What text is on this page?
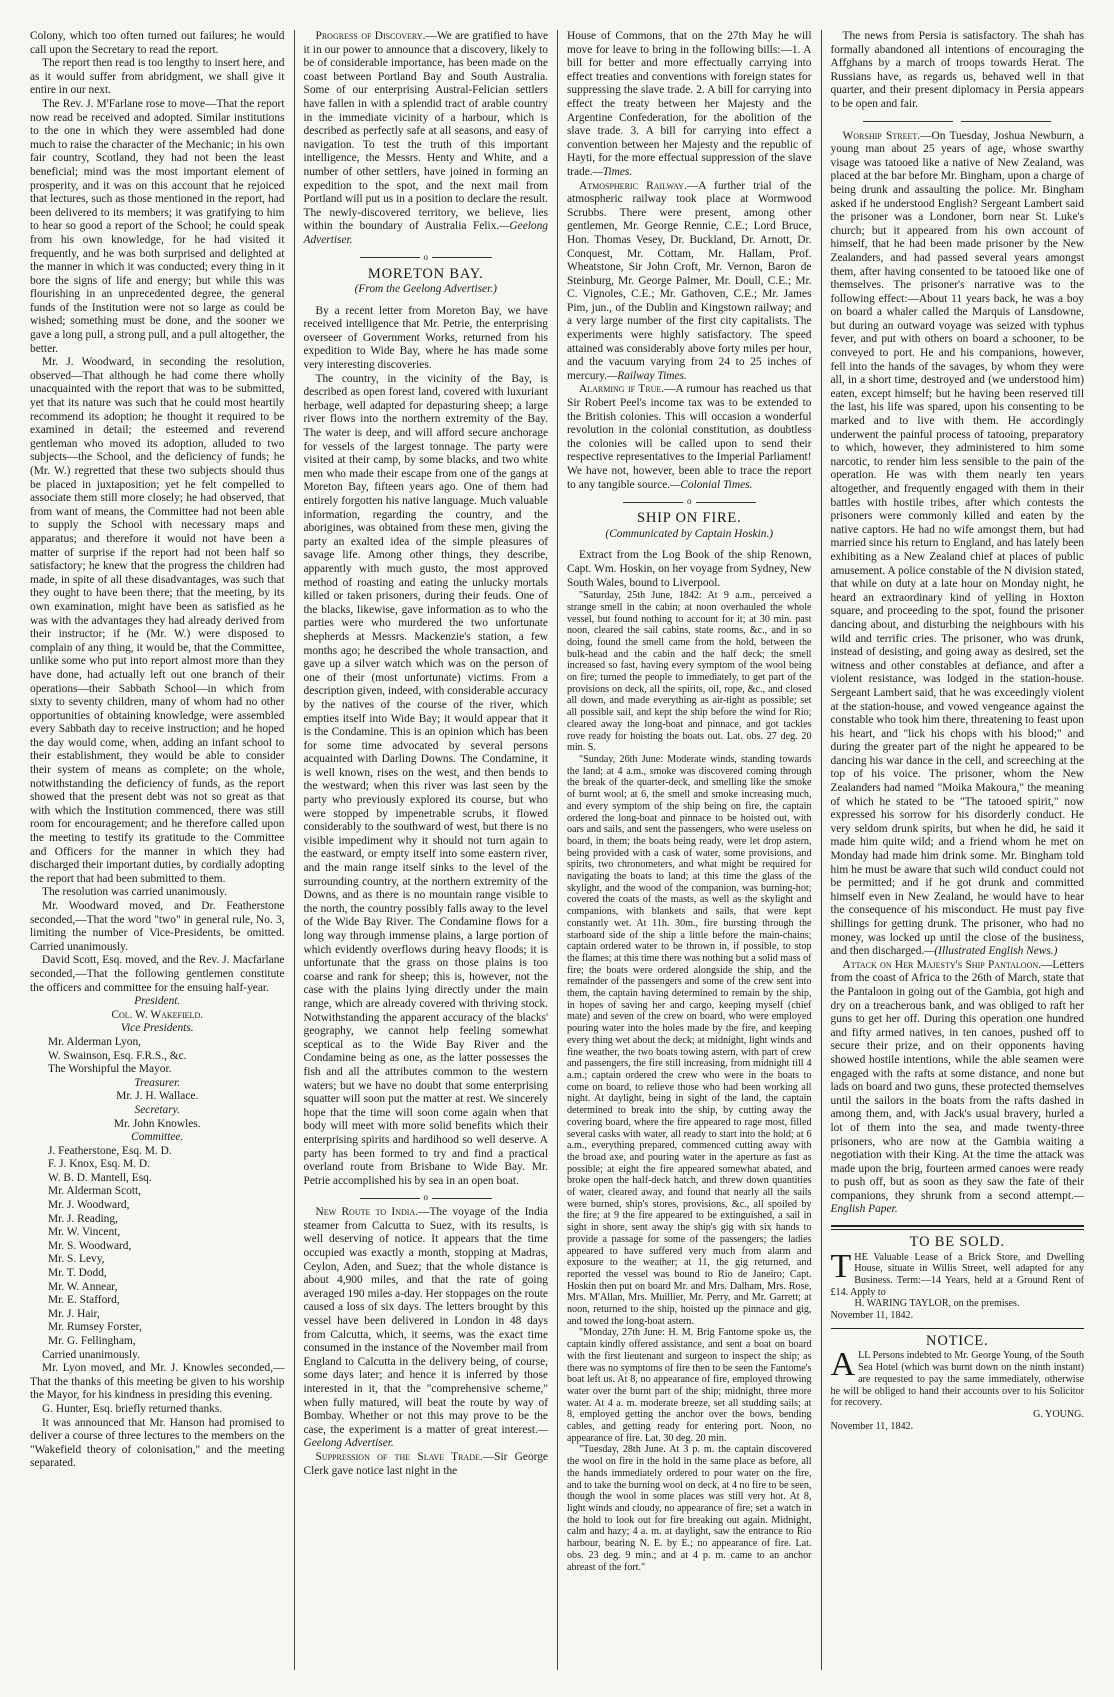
Colony, which too often turned out failures; he would call upon the Secretary to read the report.

The report then read is too lengthy to insert here, and as it would suffer from abridgment, we shall give it entire in our next.

The Rev. J. M'Farlane rose to move—That the report now read be received and adopted. Similar institutions to the one in which they were assembled had done much to raise the character of the Mechanic; in his own fair country, Scotland, they had not been the least beneficial; mind was the most important element of prosperity, and it was on this account that he rejoiced that lectures, such as those mentioned in the report, had been delivered to its members; it was gratifying to him to hear so good a report of the School; he could speak from his own knowledge, for he had visited it frequently, and he was both surprised and delighted at the manner in which it was conducted; every thing in it bore the signs of life and energy; but while this was flourishing in an unprecedented degree, the general funds of the Institution were not so large as could be wished; something must be done, and the sooner we gave a long pull, a strong pull, and a pull altogether, the better.

Mr. J. Woodward, in seconding the resolution, observed—That although he had come there wholly unacquainted with the report that was to be submitted, yet that its nature was such that he could most heartily recommend its adoption; he thought it required to be examined in detail; the esteemed and reverend gentleman who moved its adoption, alluded to two subjects—the School, and the deficiency of funds; he (Mr. W.) regretted that these two subjects should thus be placed in juxtaposition; yet he felt compelled to associate them still more closely; he had observed, that from want of means, the Committee had not been able to supply the School with necessary maps and apparatus; and therefore it would not have been a matter of surprise if the report had not been half so satisfactory; he knew that the progress the children had made, in spite of all these disadvantages, was such that they ought to have been there; that the meeting, by its own examination, might have been as satisfied as he was with the advantages they had already derived from their instructor; if he (Mr. W.) were disposed to complain of any thing, it would be, that the Committee, unlike some who put into report almost more than they have done, had actually left out one branch of their operations—their Sabbath School—in which from sixty to seventy children, many of whom had no other opportunities of obtaining knowledge, were assembled every Sabbath day to receive instruction; and he hoped the day would come, when, adding an infant school to their establishment, they would be able to consider their system of means as complete; on the whole, notwithstanding the deficiency of funds, as the report showed that the present debt was not so great as that with which the Institution commenced, there was still room for encouragement; and he therefore called upon the meeting to testify its gratitude to the Committee and Officers for the manner in which they had discharged their important duties, by cordially adopting the report that had been submitted to them.

The resolution was carried unanimously.

Mr. Woodward moved, and Dr. Featherstone seconded,—That the word "two" in general rule, No. 3, limiting the number of Vice-Presidents, be omitted. Carried unanimously.

David Scott, Esq. moved, and the Rev. J. Macfarlane seconded,—That the following gentlemen constitute the officers and committee for the ensuing half-year.

President.

Col. W. Wakefield.

Vice Presidents.

Mr. Alderman Lyon,

W. Swainson, Esq. F.R.S., &c.

The Worshipful the Mayor.

Treasurer.

Mr. J. H. Wallace.

Secretary.

Mr. John Knowles.

Committee.

J. Featherstone, Esq. M. D.

F. J. Knox, Esq. M. D.

W. B. D. Mantell, Esq.

Mr. Alderman Scott,

Mr. J. Woodward,

Mr. J. Reading,

Mr. W. Vincent,

Mr. S. Woodward,

Mr. S. Levy,

Mr. T. Dodd,

Mr. W. Annear,

Mr. E. Stafford,

Mr. J. Hair,

Mr. Rumsey Forster,

Mr. G. Fellingham,

Carried unanimously.

Mr. Lyon moved, and Mr. J. Knowles seconded,—That the thanks of this meeting be given to his worship the Mayor, for his kindness in presiding this evening.

G. Hunter, Esq. briefly returned thanks.

It was announced that Mr. Hanson had promised to deliver a course of three lectures to the members on the "Wakefield theory of colonisation," and the meeting separated.

Progress of Discovery.—We are gratified to have it in our power to announce that a discovery, likely to be of considerable importance, has been made on the coast between Portland Bay and South Australia. Some of our enterprising Austral-Felician settlers have fallen in with a splendid tract of arable country in the immediate vicinity of a harbour, which is described as perfectly safe at all seasons, and easy of navigation. To test the truth of this important intelligence, the Messrs. Henty and White, and a number of other settlers, have joined in forming an expedition to the spot, and the next mail from Portland will put us in a position to declare the result. The newly-discovered territory, we believe, lies within the boundary of Australia Felix.—Geelong Advertiser.

o
MORETON BAY.
(From the Geelong Advertiser.)

By a recent letter from Moreton Bay, we have received intelligence that Mr. Petrie, the enterprising overseer of Government Works, returned from his expedition to Wide Bay, where he has made some very interesting discoveries.

The country, in the vicinity of the Bay, is described as open forest land, covered with luxuriant herbage, well adapted for depasturing sheep; a large river flows into the northern extremity of the Bay. The water is deep, and will afford secure anchorage for vessels of the largest tonnage. The party were visited at their camp, by some blacks, and two white men who made their escape from one of the gangs at Moreton Bay, fifteen years ago. One of them had entirely forgotten his native language. Much valuable information, regarding the country, and the aborigines, was obtained from these men, giving the party an exalted idea of the simple pleasures of savage life. Among other things, they describe, apparently with much gusto, the most approved method of roasting and eating the unlucky mortals killed or taken prisoners, during their feuds. One of the blacks, likewise, gave information as to who the parties were who murdered the two unfortunate shepherds at Messrs. Mackenzie's station, a few months ago; he described the whole transaction, and gave up a silver watch which was on the person of one of their (most unfortunate) victims. From a description given, indeed, with considerable accuracy by the natives of the course of the river, which empties itself into Wide Bay; it would appear that it is the Condamine. This is an opinion which has been for some time advocated by several persons acquainted with Darling Downs. The Condamine, it is well known, rises on the west, and then bends to the westward; when this river was last seen by the party who previously explored its course, but who were stopped by impenetrable scrubs, it flowed considerably to the southward of west, but there is no visible impediment why it should not turn again to the eastward, or empty itself into some eastern river, and the main range itself sinks to the level of the surrounding country, at the northern extremity of the Downs, and as there is no mountain range visible to the north, the country possibly falls away to the level of the Wide Bay River. The Condamine flows for a long way through immense plains, a large portion of which evidently overflows during heavy floods; it is unfortunate that the grass on those plains is too coarse and rank for sheep; this is, however, not the case with the plains lying directly under the main range, which are already covered with thriving stock. Notwithstanding the apparent accuracy of the blacks' geography, we cannot help feeling somewhat sceptical as to the Wide Bay River and the Condamine being as one, as the latter possesses the fish and all the attributes common to the western waters; but we have no doubt that some enterprising squatter will soon put the matter at rest. We sincerely hope that the time will soon come again when that body will meet with more solid benefits which their enterprising spirits and hardihood so well deserve. A party has been formed to try and find a practical overland route from Brisbane to Wide Bay. Mr. Petrie accomplished his by sea in an open boat.

o

New Route to India.—The voyage of the India steamer from Calcutta to Suez, with its results, is well deserving of notice. It appears that the time occupied was exactly a month, stopping at Madras, Ceylon, Aden, and Suez; that the whole distance is about 4,900 miles, and that the rate of going averaged 190 miles a-day. Her stoppages on the route caused a loss of six days. The letters brought by this vessel have been delivered in London in 48 days from Calcutta, which, it seems, was the exact time consumed in the instance of the November mail from England to Calcutta in the delivery being, of course, some days later; and hence it is inferred by those interested in it, that the "comprehensive scheme," when fully matured, will beat the route by way of Bombay. Whether or not this may prove to be the case, the experiment is a matter of great interest.—Geelong Advertiser.

Suppression of the Slave Trade.—Sir George Clerk gave notice last night in the

House of Commons, that on the 27th May he will move for leave to bring in the following bills:—1. A bill for better and more effectually carrying into effect treaties and conventions with foreign states for suppressing the slave trade. 2. A bill for carrying into effect the treaty between her Majesty and the Argentine Confederation, for the abolition of the slave trade. 3. A bill for carrying into effect a convention between her Majesty and the republic of Hayti, for the more effectual suppression of the slave trade.—Times.

Atmospheric Railway.—A further trial of the atmospheric railway took place at Wormwood Scrubbs. There were present, among other gentlemen, Mr. George Rennie, C.E.; Lord Bruce, Hon. Thomas Vesey, Dr. Buckland, Dr. Arnott, Dr. Conquest, Mr. Cottam, Mr. Hallam, Prof. Wheatstone, Sir John Croft, Mr. Vernon, Baron de Steinburg, Mr. George Palmer, Mr. Doull, C.E.; Mr. C. Vignoles, C.E.; Mr. Gathoven, C.E.; Mr. James Pim, jun., of the Dublin and Kingstown railway; and a very large number of the first city capitalists. The experiments were highly satisfactory. The speed attained was considerably above forty miles per hour, and the vacuum varying from 24 to 25 inches of mercury.—Railway Times.

Alarming if True.—A rumour has reached us that Sir Robert Peel's income tax was to be extended to the British colonies. This will occasion a wonderful revolution in the colonial constitution, as doubtless the colonies will be called upon to send their respective representatives to the Imperial Parliament! We have not, however, been able to trace the report to any tangible source.—Colonial Times.

o
SHIP ON FIRE.
(Communicated by Captain Hoskin.)

Extract from the Log Book of the ship Renown, Capt. Wm. Hoskin, on her voyage from Sydney, New South Wales, bound to Liverpool.

"Saturday, 25th June, 1842: At 9 a.m., perceived a strange smell in the cabin; at noon overhauled the whole vessel, but found nothing to account for it; at 30 min. past noon, cleared the sail cabins, state rooms, &c., and in so doing, found the smell came from the hold, between the bulk-head and the cabin and the half deck; the smell increased so fast, having every symptom of the wool being on fire; turned the people to immediately, to get part of the provisions on deck, all the spirits, oil, rope, &c., and closed all down, and made everything as air-tight as possible; set all possible sail, and kept the ship before the wind for Rio; cleared away the long-boat and pinnace, and got tackles rove ready for hoisting the boats out. Lat. obs. 27 deg. 20 min. S.

"Sunday, 26th June: Moderate winds, standing towards the land; at 4 a.m., smoke was discovered coming through the break of the quarter-deck, and smelling like the smoke of burnt wool; at 6, the smell and smoke increasing much, and every symptom of the ship being on fire, the captain ordered the long-boat and pinnace to be hoisted out, with oars and sails, and sent the passengers, who were useless on board, in them; the boats being ready, were let drop astern, being provided with a cask of water, some provisions, and spirits, two chronometers, and what might be required for navigating the boats to land; at this time the glass of the skylight, and the wood of the companion, was burning-hot; covered the coats of the masts, as well as the skylight and companions, with blankets and sails, that were kept constantly wet. At 11h. 30m., fire bursting through the starboard side of the ship a little before the main-chains; captain ordered water to be thrown in, if possible, to stop the flames; at this time there was nothing but a solid mass of fire; the boats were ordered alongside the ship, and the remainder of the passengers and some of the crew sent into them, the captain having determined to remain by the ship, in hopes of saving her and cargo, keeping myself (chief mate) and seven of the crew on board, who were employed pouring water into the holes made by the fire, and keeping every thing wet about the deck; at midnight, light winds and fine weather, the two boats towing astern, with part of crew and passengers, the fire still increasing, from midnight till 4 a.m.; captain ordered the crew who were in the boats to come on board, to relieve those who had been working all night. At daylight, being in sight of the land, the captain determined to break into the ship, by cutting away the covering board, where the fire appeared to rage most, filled several casks with water, all ready to start into the hold; at 6 a.m., everything prepared, commenced cutting away with the broad axe, and pouring water in the aperture as fast as possible; at eight the fire appeared somewhat abated, and broke open the half-deck hatch, and threw down quantities of water, cleared away, and found that nearly all the sails were burned, ship's stores, provisions, &c., all spoiled by the fire; at 9 the fire appeared to be extinguished, a sail in sight in shore, sent away the ship's gig with six hands to provide a passage for some of the passengers; the ladies appeared to have suffered very much from alarm and exposure to the weather; at 11, the gig returned, and reported the vessel was bound to Rio de Janeiro; Capt. Hoskin then put on board Mr. and Mrs. Dalham, Mrs. Rose, Mrs. M'Allan, Mrs. Muillier, Mr. Perry, and Mr. Garrett; at noon, returned to the ship, hoisted up the pinnace and gig, and towed the long-boat astern.

"Monday, 27th June: H. M. Brig Fantome spoke us, the captain kindly offered assistance, and sent a boat on board with the first lieutenant and surgeon to inspect the ship; as there was no symptoms of fire then to be seen the Fantome's boat left us. At 8, no appearance of fire, employed throwing water over the burnt part of the ship; midnight, three more water. At 4 a. m. moderate breeze, set all studding sails; at 8, employed getting the anchor over the bows, bending cables, and getting ready for entering port. Noon, no appearance of fire. Lat. 30 deg. 20 min.

"Tuesday, 28th June. At 3 p. m. the captain discovered the wool on fire in the hold in the same place as before, all the hands immediately ordered to pour water on the fire, and to take the burning wool on deck, at 4 no fire to be seen, though the wool in some places was still very hot. At 8, light winds and cloudy, no appearance of fire; set a watch in the hold to look out for fire breaking out again. Midnight, calm and hazy; 4 a. m. at daylight, saw the entrance to Rio harbour, bearing N. E. by E.; no appearance of fire. Lat. obs. 23 deg. 9 min.; and at 4 p. m. came to an anchor abreast of the fort."

The news from Persia is satisfactory. The shah has formally abandoned all intentions of encouraging the Affghans by a march of troops towards Herat. The Russians have, as regards us, behaved well in that quarter, and their present diplomacy in Persia appears to be open and fair.

Worship Street.—On Tuesday, Joshua Newburn, a young man about 25 years of age, whose swarthy visage was tatooed like a native of New Zealand, was placed at the bar before Mr. Bingham, upon a charge of being drunk and assaulting the police. Mr. Bingham asked if he understood English? Sergeant Lambert said the prisoner was a Londoner, born near St. Luke's church; but it appeared from his own account of himself, that he had been made prisoner by the New Zealanders, and had passed several years amongst them, after having consented to be tatooed like one of themselves. The prisoner's narrative was to the following effect:—About 11 years back, he was a boy on board a whaler called the Marquis of Lansdowne, but during an outward voyage was seized with typhus fever, and put with others on board a schooner, to be conveyed to port. He and his companions, however, fell into the hands of the savages, by whom they were all, in a short time, destroyed and (we understood him) eaten, except himself; but he having been reserved till the last, his life was spared, upon his consenting to be marked and to live with them. He accordingly underwent the painful process of tatooing, preparatory to which, however, they administered to him some narcotic, to render him less sensible to the pain of the operation. He was with them nearly ten years altogether, and frequently engaged with them in their battles with hostile tribes, after which contests the prisoners were commonly killed and eaten by the native captors. He had no wife amongst them, but had married since his return to England, and has lately been exhibiting as a New Zealand chief at places of public amusement. A police constable of the N division stated, that while on duty at a late hour on Monday night, he heard an extraordinary kind of yelling in Hoxton square, and proceeding to the spot, found the prisoner dancing about, and disturbing the neighbours with his wild and terrific cries. The prisoner, who was drunk, instead of desisting, and going away as desired, set the witness and other constables at defiance, and after a violent resistance, was lodged in the station-house. Sergeant Lambert said, that he was exceedingly violent at the station-house, and vowed vengeance against the constable who took him there, threatening to feast upon his heart, and "lick his chops with his blood;" and during the greater part of the night he appeared to be dancing his war dance in the cell, and screeching at the top of his voice. The prisoner, whom the New Zealanders had named "Moika Makoura," the meaning of which he stated to be "The tatooed spirit," now expressed his sorrow for his disorderly conduct. He very seldom drunk spirits, but when he did, he said it made him quite wild; and a friend whom he met on Monday had made him drink some. Mr. Bingham told him he must be aware that such wild conduct could not be permitted; and if he got drunk and committed himself even in New Zealand, he would have to hear the consequence of his misconduct. He must pay five shillings for getting drunk. The prisoner, who had no money, was locked up until the close of the business, and then discharged.—(Illustrated English News.)

Attack on Her Majesty's Ship Pantaloon.—Letters from the coast of Africa to the 26th of March, state that the Pantaloon in going out of the Gambia, got high and dry on a treacherous bank, and was obliged to raft her guns to get her off. During this operation one hundred and fifty armed natives, in ten canoes, pushed off to secure their prize, and on their opponents having showed hostile intentions, while the able seamen were engaged with the rafts at some distance, and none but lads on board and two guns, these protected themselves until the sailors in the boats from the rafts dashed in among them, and, with Jack's usual bravery, hurled a lot of them into the sea, and made twenty-three prisoners, who are now at the Gambia waiting a negotiation with their King. At the time the attack was made upon the brig, fourteen armed canoes were ready to push off, but as soon as they saw the fate of their companions, they shrunk from a second attempt.—English Paper.

TO BE SOLD.

THE Valuable Lease of a Brick Store, and Dwelling House, situate in Willis Street, well adapted for any Business. Term:—14 Years, held at a Ground Rent of £14. Apply to

H. WARING TAYLOR, on the premises.

November 11, 1842.

NOTICE.

ALL Persons indebted to Mr. George Young, of the South Sea Hotel (which was burnt down on the ninth instant) are requested to pay the same immediately, otherwise he will be obliged to hand their accounts over to his Solicitor for recovery.

G. YOUNG.

November 11, 1842.
